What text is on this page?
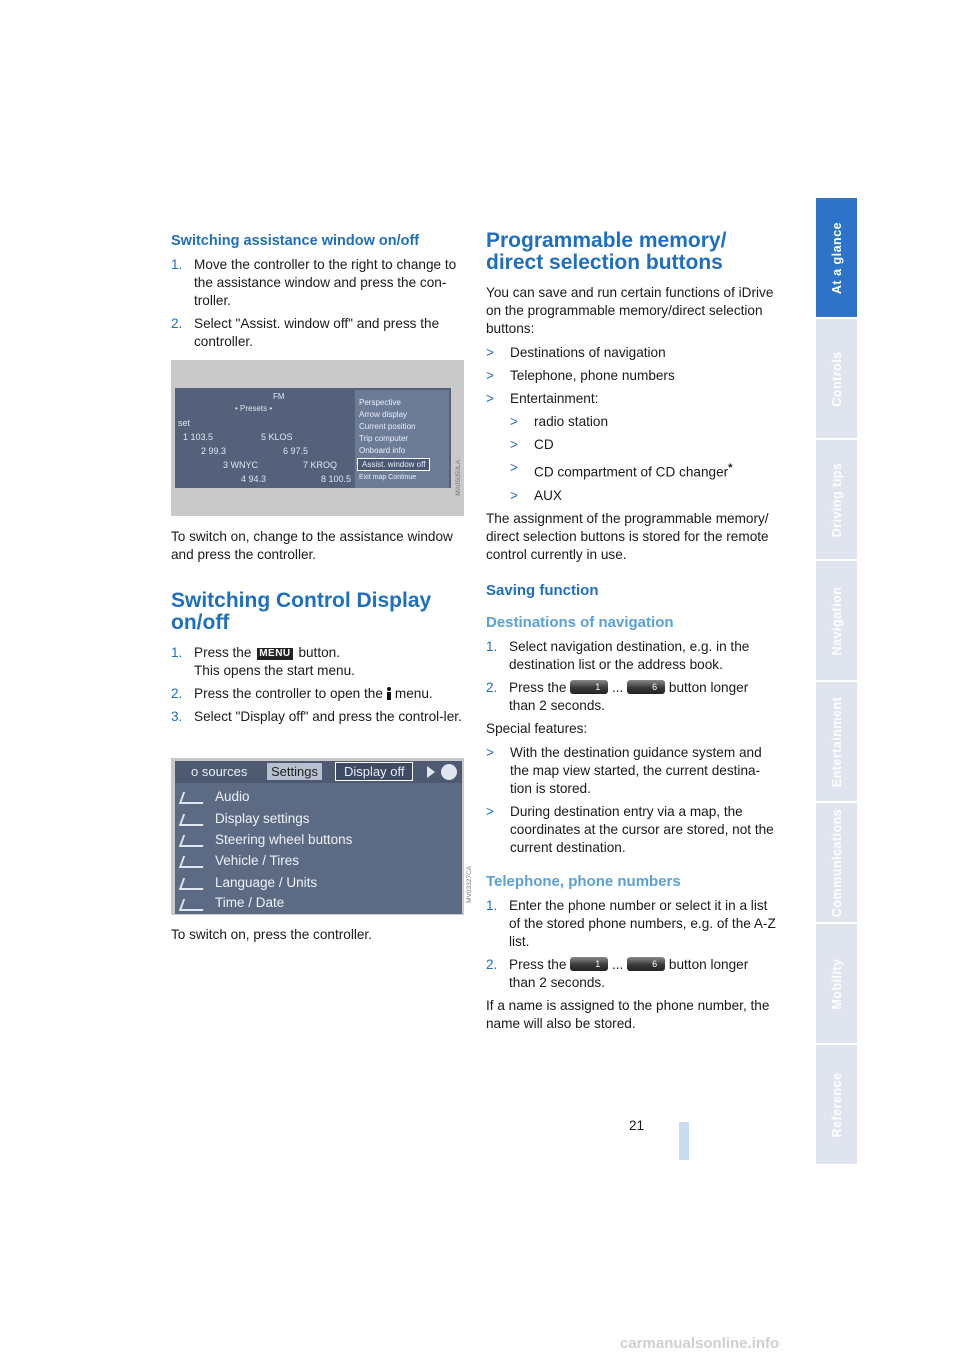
Switching assistance window on/off
1. Move the controller to the right to change to the assistance window and press the con-troller.
2. Select "Assist. window off" and press the controller.
FM
• Presets •
set
1 103.5	5 KLOS
2 99.3	6 97.5
3 WNYC	7 KROQ
4 94.3	8 100.5
Perspective
Arrow display
Current position
Trip computer
Onboard info
Assist. window off
Exit map Continue	MA05050LA

To switch on, change to the assistance window and press the controller.

Switching Control Display on/off
1. Press the MENU button.
This opens the start menu.
2. Press the controller to open the menu.
3. Select "Display off" and press the control-ler.
o sources	Settings	Display off
Audio
Display settings
Steering wheel buttons
Vehicle / Tires
Language / Units
Time / Date	MV03327CA

To switch on, press the controller.

Programmable memory/ direct selection buttons

You can save and run certain functions of iDrive on the programmable memory/direct selection buttons:

> Destinations of navigation
> Telephone, phone numbers
> Entertainment:
> radio station
> CD
> CD compartment of CD changer*
> AUX

The assignment of the programmable memory/ direct selection buttons is stored for the remote control currently in use.

Saving function
Destinations of navigation
1. Select navigation destination, e.g. in the destination list or the address book.
2. Press the	1 ...	6 button longer than 2 seconds.

Special features:

> With the destination guidance system and the map view started, the current destina-tion is stored.
> During destination entry via a map, the coordinates at the cursor are stored, not the current destination.
Telephone, phone numbers
1. Enter the phone number or select it in a list of the stored phone numbers, e.g. of the A-Z list.
2. Press the	1 ...	6 button longer than 2 seconds.

If a name is assigned to the phone number, the name will also be stored.

At a glance
Controls
Driving tips
Navigation
Entertainment
Communications
Mobility
Reference
21
carmanualsonline.info
